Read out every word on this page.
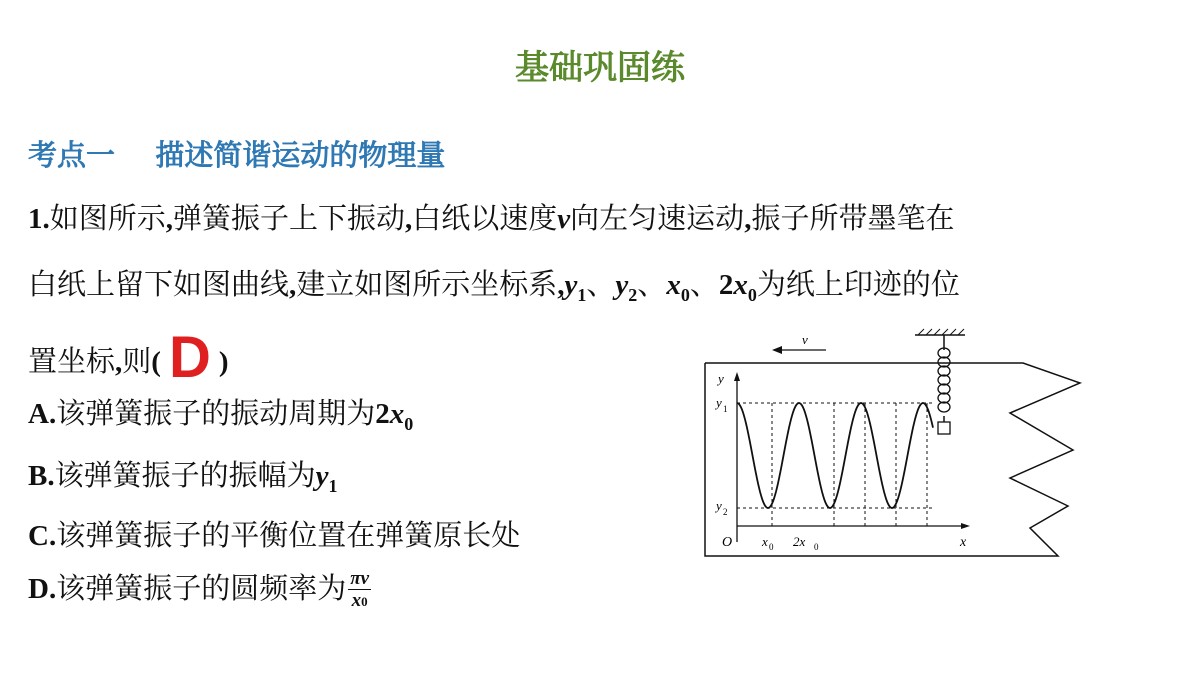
基础巩固练
考点一    描述简谐运动的物理量
1.如图所示,弹簧振子上下振动,白纸以速度v向左匀速运动,振子所带墨笔在
白纸上留下如图曲线,建立如图所示坐标系$,y_1$、$y_2$、$x_0$、$2x_0$为纸上印迹的位
置坐标,则( D )
A.该弹簧振子的振动周期为$2x_0$
B.该弹簧振子的振幅为$y_1$
C.该弹簧振子的平衡位置在弹簧原长处
D.该弹簧振子的圆频率为 $\frac{\pi v}{x0}$
v
y
y 1
y 2
O x 0 2x 0	x
